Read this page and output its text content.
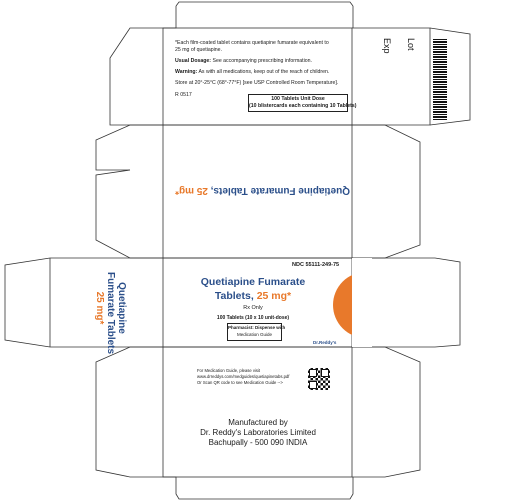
*Each film-coated tablet contains quetiapine fumarate equivalent to
25 mg of quetiapine.
Usual Dosage: See accompanying prescribing information.
Warning: As with all medications, keep out of the reach of children.
Store at 20°-25°C (68°-77°F) [see USP Controlled Room Temperature].
R 0517
100 Tablets Unit Dose
(10 blistercards each containing 10 Tablets)
Lot
Exp
Quetiapine Fumarate Tablets, 25 mg*
Quetiapine
Fumarate Tablets
25 mg*
NDC 55111-249-75
Quetiapine Fumarate
Tablets, 25 mg*
Rx Only
100 Tablets (10 x 10 unit-dose)
Pharmacist: Dispense with
Medication Guide
Dr.Reddy's
For Medication Guide, please visit
www.drreddys.com/medguides/quetiapinetabs.pdf
Or Scan QR code to see Medication Guide -->
Manufactured by
Dr. Reddy's Laboratories Limited
Bachupally - 500 090 INDIA
